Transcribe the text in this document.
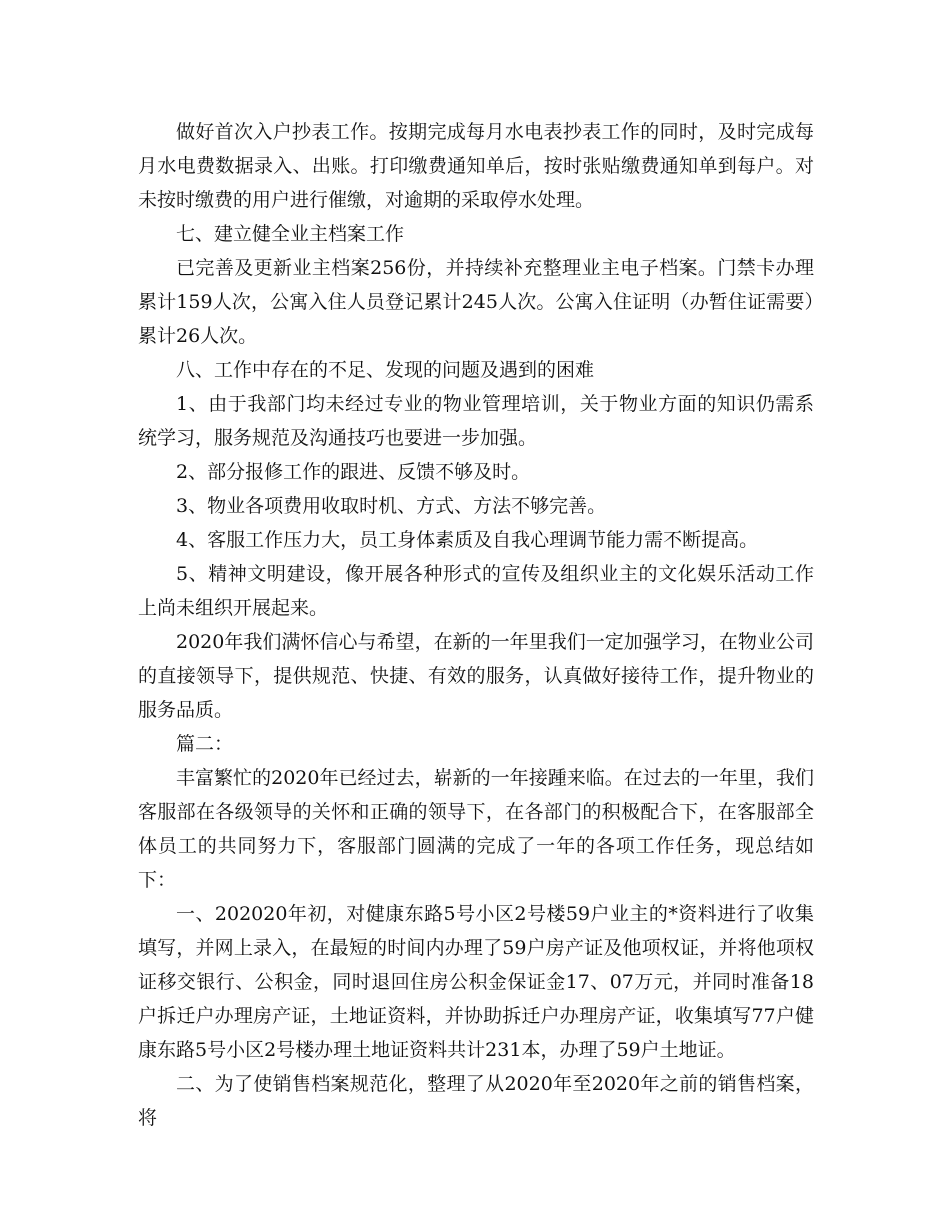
做好首次入户抄表工作。按期完成每月水电表抄表工作的同时，及时完成每月水电费数据录入、出账。打印缴费通知单后，按时张贴缴费通知单到每户。对未按时缴费的用户进行催缴，对逾期的采取停水处理。

七、建立健全业主档案工作

已完善及更新业主档案256份，并持续补充整理业主电子档案。门禁卡办理累计159人次，公寓入住人员登记累计245人次。公寓入住证明（办暂住证需要）累计26人次。

八、工作中存在的不足、发现的问题及遇到的困难

1、由于我部门均未经过专业的物业管理培训，关于物业方面的知识仍需系统学习，服务规范及沟通技巧也要进一步加强。

2、部分报修工作的跟进、反馈不够及时。

3、物业各项费用收取时机、方式、方法不够完善。

4、客服工作压力大，员工身体素质及自我心理调节能力需不断提高。

5、精神文明建设，像开展各种形式的宣传及组织业主的文化娱乐活动工作上尚未组织开展起来。

2020年我们满怀信心与希望，在新的一年里我们一定加强学习，在物业公司的直接领导下，提供规范、快捷、有效的服务，认真做好接待工作，提升物业的服务品质。

篇二：

丰富繁忙的2020年已经过去，崭新的一年接踵来临。在过去的一年里，我们客服部在各级领导的关怀和正确的领导下，在各部门的积极配合下，在客服部全体员工的共同努力下，客服部门圆满的完成了一年的各项工作任务，现总结如下：

一、202020年初，对健康东路5号小区2号楼59户业主的*资料进行了收集填写，并网上录入，在最短的时间内办理了59户房产证及他项权证，并将他项权证移交银行、公积金，同时退回住房公积金保证金17、07万元，并同时准备18户拆迁户办理房产证，土地证资料，并协助拆迁户办理房产证，收集填写77户健康东路5号小区2号楼办理土地证资料共计231本，办理了59户土地证。

二、为了使销售档案规范化，整理了从2020年至2020年之前的销售档案，将
